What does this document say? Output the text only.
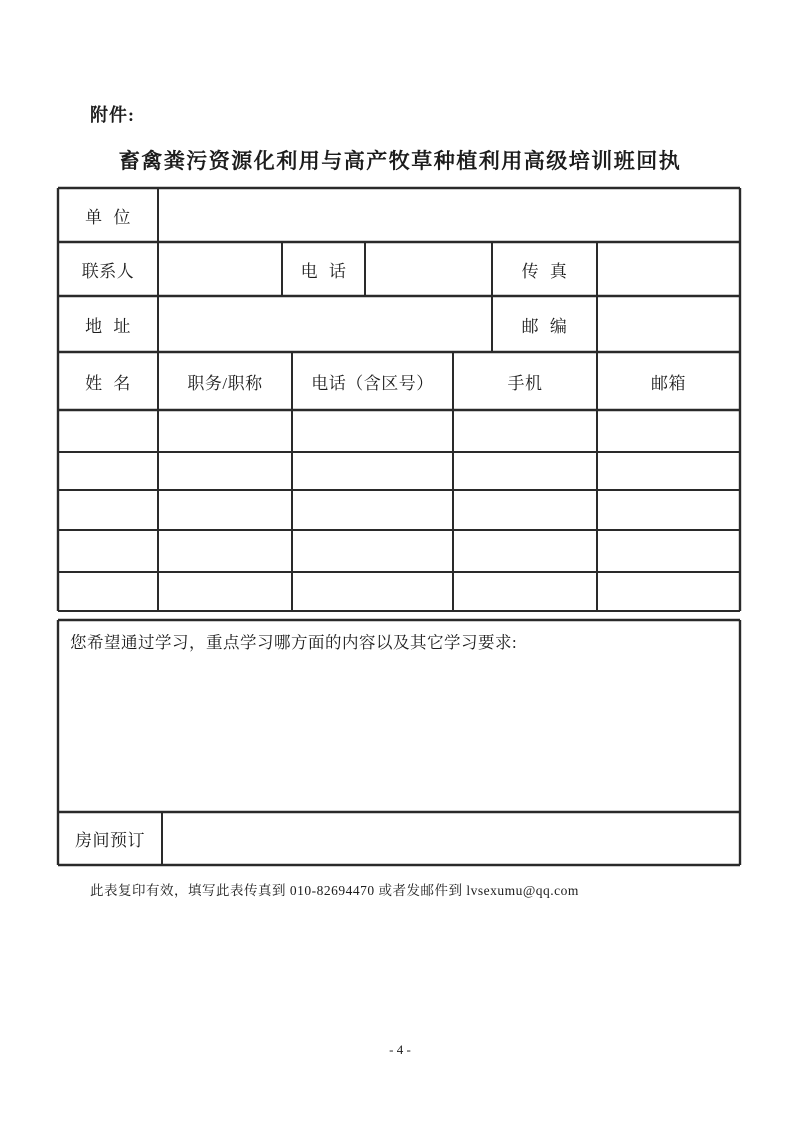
附件:
畜禽粪污资源化利用与高产牧草种植利用高级培训班回执
单 位
联系人	电 话	传 真
地 址	邮 编
姓 名	职务/职称	电话（含区号）	手机	邮箱
您希望通过学习，重点学习哪方面的内容以及其它学习要求:
房间预订
此表复印有效，填写此表传真到 010-82694470 或者发邮件到 lvsexumu@qq.com
- 4 -
